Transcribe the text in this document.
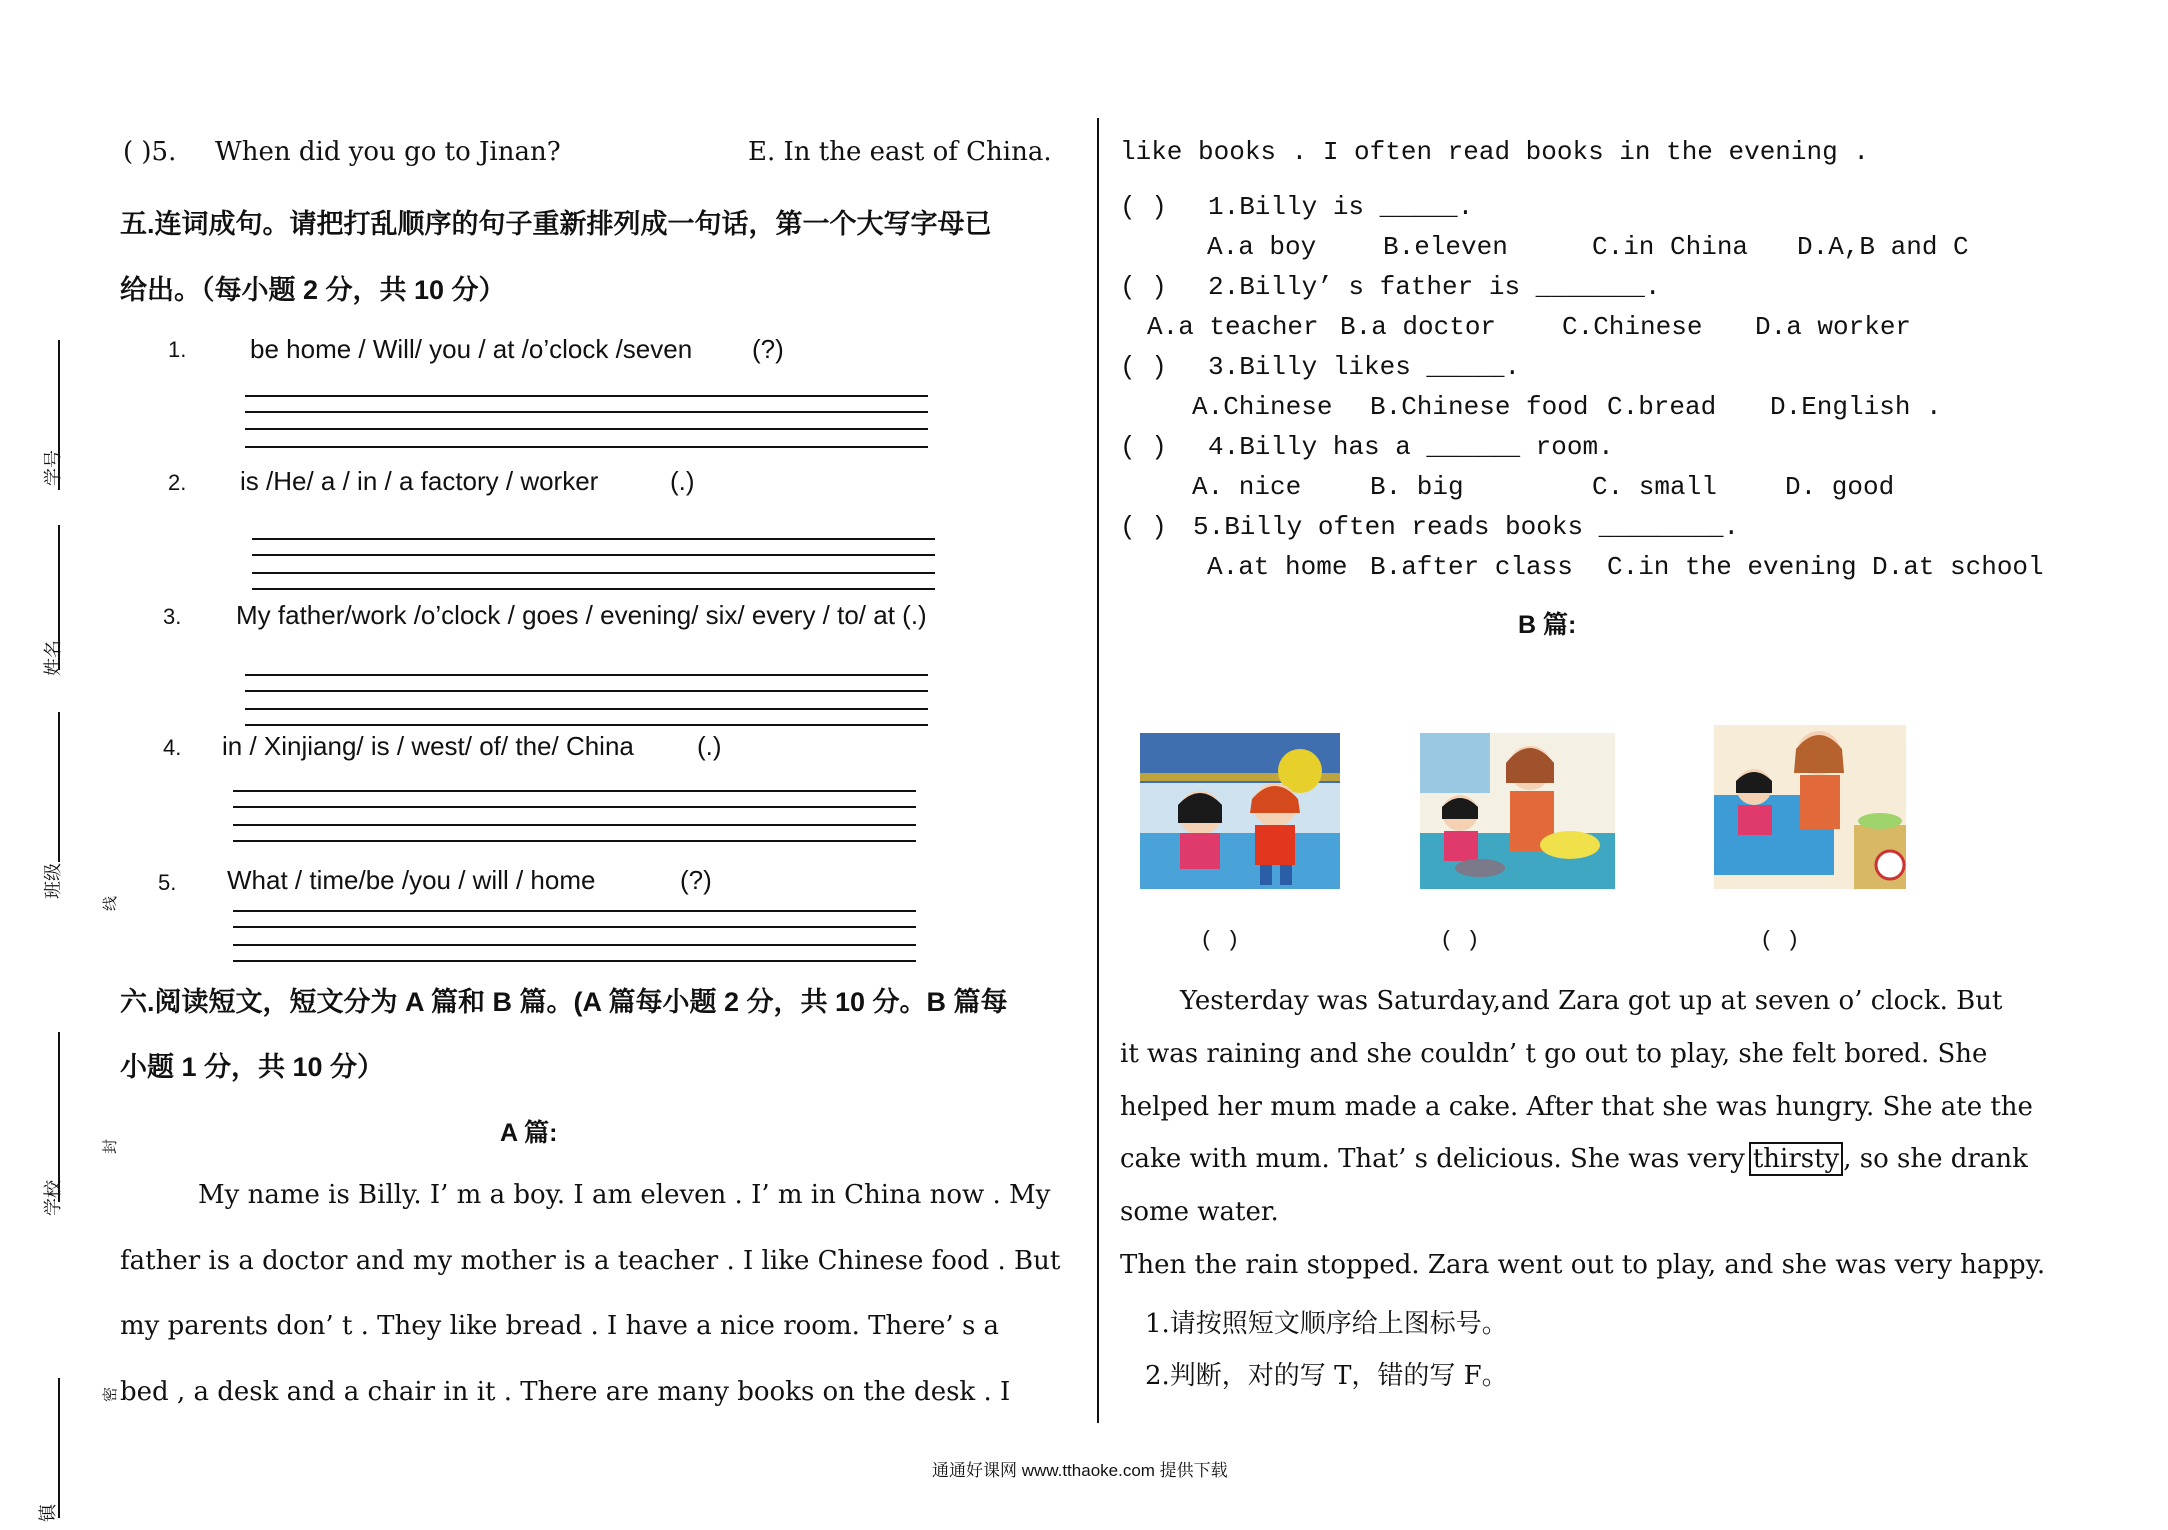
学号
姓名
班级
线
学校
封
密
镇
( )5. When did you go to Jinan?	E. In the east of China.
五.连词成句。请把打乱顺序的句子重新排列成一句话，第一个大写字母已
给出。（每小题 2 分，共 10 分）
1. be home / Will/ you / at /o’clock /seven (?)
2. is /He/ a / in / a factory / worker	(.)
3. My father/work /o’clock / goes / evening/ six/ every / to/ at (.)
4. in / Xinjiang/ is / west/ of/ the/ China (.)
5. What / time/be /you / will / home	(?)
六.阅读短文，短文分为 A 篇和 B 篇。(A 篇每小题 2 分，共 10 分。B 篇每
小题 1 分，共 10 分）
A 篇:
My name is Billy. I’ m a boy. I am eleven . I’ m in China now . My
father is a doctor and my mother is a teacher . I like Chinese food . But
my parents don’ t . They like bread . I have a nice room. There’ s a
bed , a desk and a chair in it . There are many books on the desk . I
like books . I often read books in the evening .
( ) 1.Billy is _____.
A.a boy	B.eleven	C.in China D.A,B and C
( ) 2.Billy’ s father is _______.
A.a teacher B.a doctor	C.Chinese D.a worker
( ) 3.Billy likes _____.
A.Chinese B.Chinese food C.bread D.English .
( ) 4.Billy has a ______ room.
A. nice	B. big	C. small	D. good
( ) 5.Billy often reads books ________.
A.at home B.after class C.in the evening D.at school
B 篇:
( )	( )	( )
Yesterday was Saturday,and Zara got up at seven o’ clock. But
it was raining and she couldn’ t go out to play, she felt bored. She
helped her mum made a cake. After that she was hungry. She ate the
cake with mum. That’ s delicious. She was very thirsty , so she drank
some water.
Then the rain stopped. Zara went out to play, and she was very happy.
1.请按照短文顺序给上图标号。
2.判断，对的写 T，错的写 F。
通通好课网 www.tthaoke.com 提供下载
